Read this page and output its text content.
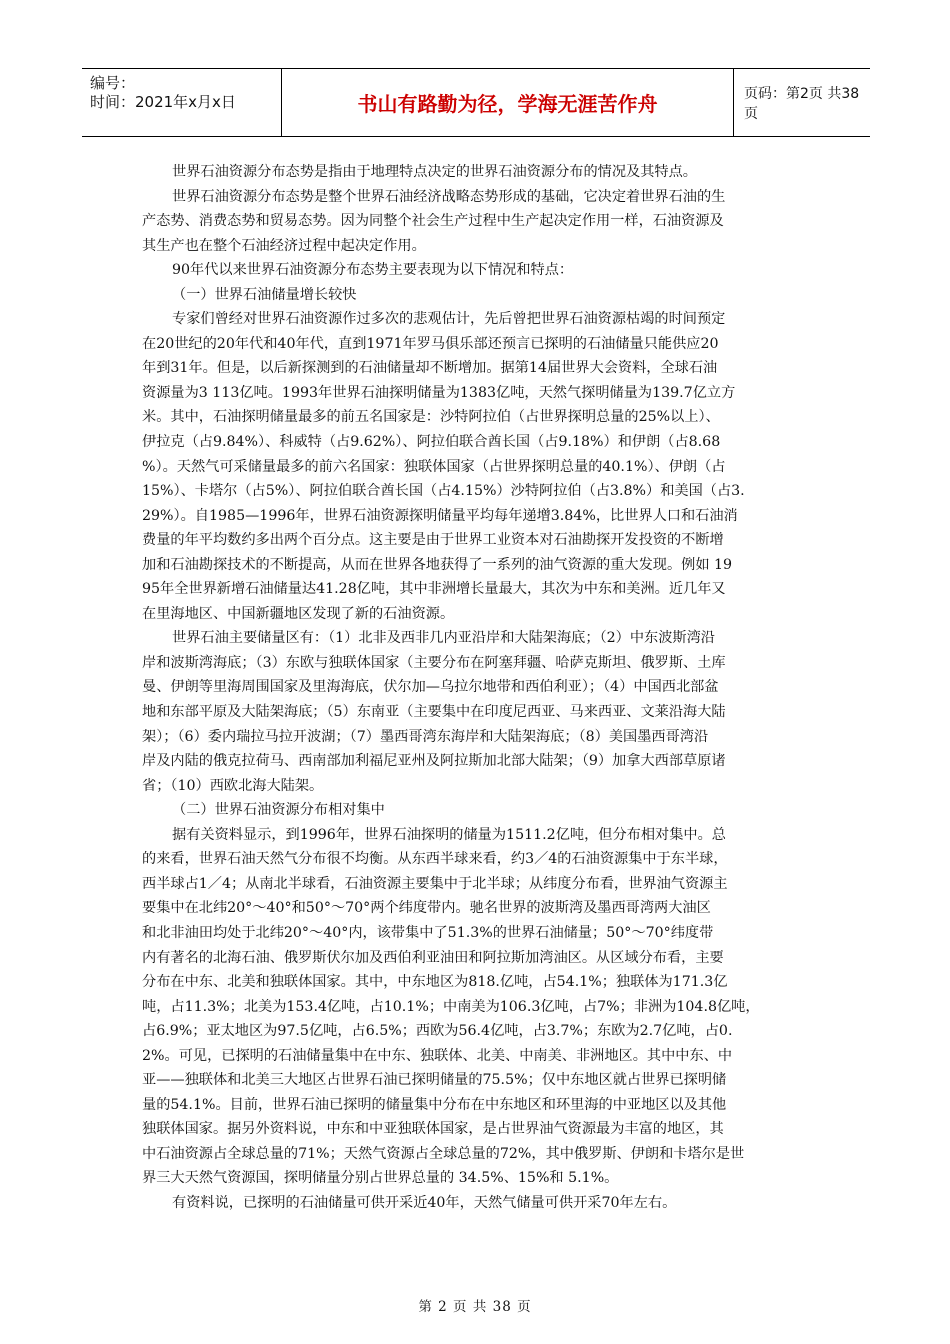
编号：
时间：2021年x月x日	书山有路勤为径，学海无涯苦作舟	页码：第2页 共38页
世界石油资源分布态势是指由于地理特点决定的世界石油资源分布的情况及其特点。
世界石油资源分布态势是整个世界石油经济战略态势形成的基础，它决定着世界石油的生
产态势、消费态势和贸易态势。因为同整个社会生产过程中生产起决定作用一样，石油资源及
其生产也在整个石油经济过程中起决定作用。
90年代以来世界石油资源分布态势主要表现为以下情况和特点：
（一）世界石油储量增长较快
专家们曾经对世界石油资源作过多次的悲观估计，先后曾把世界石油资源枯竭的时间预定
在20世纪的20年代和40年代，直到1971年罗马俱乐部还预言已探明的石油储量只能供应20
年到31年。但是，以后新探测到的石油储量却不断增加。据第14届世界大会资料，全球石油
资源量为3 113亿吨。1993年世界石油探明储量为1383亿吨，天然气探明储量为139.7亿立方
米。其中，石油探明储量最多的前五名国家是：沙特阿拉伯（占世界探明总量的25%以上）、
伊拉克（占9.84%）、科威特（占9.62%）、阿拉伯联合酋长国（占9.18%）和伊朗（占8.68
%）。天然气可采储量最多的前六名国家：独联体国家（占世界探明总量的40.1%）、伊朗（占
15%）、卡塔尔（占5%）、阿拉伯联合酋长国（占4.15%）沙特阿拉伯（占3.8%）和美国（占3.
29%）。自1985—1996年，世界石油资源探明储量平均每年递增3.84%，比世界人口和石油消
费量的年平均数约多出两个百分点。这主要是由于世界工业资本对石油勘探开发投资的不断增
加和石油勘探技术的不断提高，从而在世界各地获得了一系列的油气资源的重大发现。例如 19
95年全世界新增石油储量达41.28亿吨，其中非洲增长量最大，其次为中东和美洲。近几年又
在里海地区、中国新疆地区发现了新的石油资源。
世界石油主要储量区有：（1）北非及西非几内亚沿岸和大陆架海底；（2）中东波斯湾沿
岸和波斯湾海底；（3）东欧与独联体国家（主要分布在阿塞拜疆、哈萨克斯坦、俄罗斯、土库
曼、伊朗等里海周围国家及里海海底，伏尔加—乌拉尔地带和西伯利亚）；（4）中国西北部盆
地和东部平原及大陆架海底；（5）东南亚（主要集中在印度尼西亚、马来西亚、文莱沿海大陆
架）；（6）委内瑞拉马拉开波湖；（7）墨西哥湾东海岸和大陆架海底；（8）美国墨西哥湾沿
岸及内陆的俄克拉荷马、西南部加利福尼亚州及阿拉斯加北部大陆架；（9）加拿大西部草原诸
省；（10）西欧北海大陆架。
（二）世界石油资源分布相对集中
据有关资料显示，到1996年，世界石油探明的储量为1511.2亿吨，但分布相对集中。总
的来看，世界石油天然气分布很不均衡。从东西半球来看，约3／4的石油资源集中于东半球，
西半球占1／4；从南北半球看，石油资源主要集中于北半球；从纬度分布看，世界油气资源主
要集中在北纬20°～40°和50°～70°两个纬度带内。驰名世界的波斯湾及墨西哥湾两大油区
和北非油田均处于北纬20°～40°内，该带集中了51.3%的世界石油储量；50°～70°纬度带
内有著名的北海石油、俄罗斯伏尔加及西伯利亚油田和阿拉斯加湾油区。从区域分布看，主要
分布在中东、北美和独联体国家。其中，中东地区为818.亿吨，占54.1%；独联体为171.3亿
吨，占11.3%；北美为153.4亿吨，占10.1%；中南美为106.3亿吨，占7%；非洲为104.8亿吨，
占6.9%；亚太地区为97.5亿吨，占6.5%；西欧为56.4亿吨，占3.7%；东欧为2.7亿吨，占0.
2%。可见，已探明的石油储量集中在中东、独联体、北美、中南美、非洲地区。其中中东、中
亚——独联体和北美三大地区占世界石油已探明储量的75.5%；仅中东地区就占世界已探明储
量的54.1%。目前，世界石油已探明的储量集中分布在中东地区和环里海的中亚地区以及其他
独联体国家。据另外资料说，中东和中亚独联体国家，是占世界油气资源最为丰富的地区，其
中石油资源占全球总量的71%；天然气资源占全球总量的72%，其中俄罗斯、伊朗和卡塔尔是世
界三大天然气资源国，探明储量分别占世界总量的 34.5%、15%和 5.1%。
有资料说，已探明的石油储量可供开采近40年，天然气储量可供开采70年左右。
第 2 页 共 38 页
